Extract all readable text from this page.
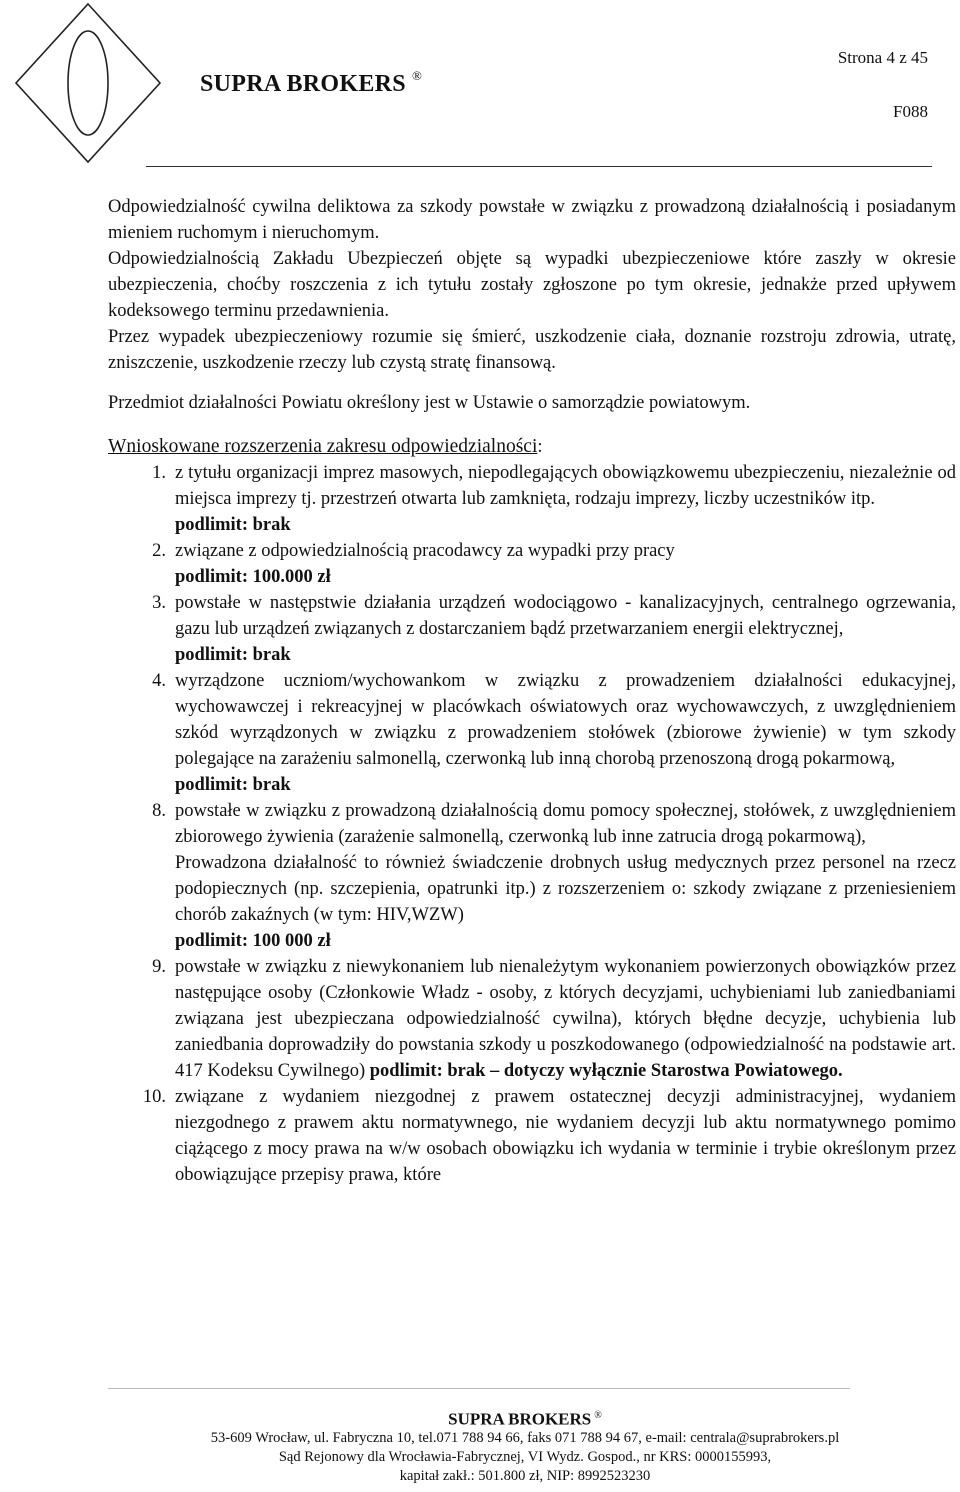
SUPRA BROKERS ®
Strona 4 z 45
F088

Odpowiedzialność cywilna deliktowa za szkody powstałe w związku z prowadzoną działalnością i posiadanym mieniem ruchomym i nieruchomym.

Odpowiedzialnością Zakładu Ubezpieczeń objęte są wypadki ubezpieczeniowe które zaszły w okresie ubezpieczenia, choćby roszczenia z ich tytułu zostały zgłoszone po tym okresie, jednakże przed upływem kodeksowego terminu przedawnienia.

Przez wypadek ubezpieczeniowy rozumie się śmierć, uszkodzenie ciała, doznanie rozstroju zdrowia, utratę, zniszczenie, uszkodzenie rzeczy lub czystą stratę finansową.

Przedmiot działalności Powiatu określony jest w Ustawie o samorządzie powiatowym.

Wnioskowane rozszerzenia zakresu odpowiedzialności:

1. z tytułu organizacji imprez masowych, niepodlegających obowiązkowemu ubezpieczeniu, niezależnie od miejsca imprezy tj. przestrzeń otwarta lub zamknięta, rodzaju imprezy, liczby uczestników itp.

podlimit: brak
2. związane z odpowiedzialnością pracodawcy za wypadki przy pracy

podlimit: 100.000 zł
3. powstałe w następstwie działania urządzeń wodociągowo - kanalizacyjnych, centralnego ogrzewania, gazu lub urządzeń związanych z dostarczaniem bądź przetwarzaniem energii elektrycznej,

podlimit: brak
4. wyrządzone uczniom/wychowankom w związku z prowadzeniem działalności edukacyjnej, wychowawczej i rekreacyjnej w placówkach oświatowych oraz wychowawczych, z uwzględnieniem szkód wyrządzonych w związku z prowadzeniem stołówek (zbiorowe żywienie) w tym szkody polegające na zarażeniu salmonellą, czerwonką lub inną chorobą przenoszoną drogą pokarmową,

podlimit: brak
8. powstałe w związku z prowadzoną działalnością domu pomocy społecznej, stołówek, z uwzględnieniem zbiorowego żywienia (zarażenie salmonellą, czerwonką lub inne zatrucia drogą pokarmową),

Prowadzona działalność to również świadczenie drobnych usług medycznych przez personel na rzecz podopiecznych (np. szczepienia, opatrunki itp.) z rozszerzeniem o: szkody związane z przeniesieniem chorób zakaźnych (w tym: HIV,WZW)

podlimit: 100 000 zł
9. powstałe w związku z niewykonaniem lub nienależytym wykonaniem powierzonych obowiązków przez następujące osoby (Członkowie Władz - osoby, z których decyzjami, uchybieniami lub zaniedbaniami związana jest ubezpieczana odpowiedzialność cywilna), których błędne decyzje, uchybienia lub zaniedbania doprowadziły do powstania szkody u poszkodowanego (odpowiedzialność na podstawie art. 417 Kodeksu Cywilnego) podlimit: brak – dotyczy wyłącznie Starostwa Powiatowego.

10. związane z wydaniem niezgodnej z prawem ostatecznej decyzji administracyjnej, wydaniem niezgodnego z prawem aktu normatywnego, nie wydaniem decyzji lub aktu normatywnego pomimo ciążącego z mocy prawa na w/w osobach obowiązku ich wydania w terminie i trybie określonym przez obowiązujące przepisy prawa, które

SUPRA BROKERS ®
53-609 Wrocław, ul. Fabryczna 10, tel.071 788 94 66, faks 071 788 94 67, e-mail: centrala@suprabrokers.pl
Sąd Rejonowy dla Wrocławia-Fabrycznej, VI Wydz. Gospod., nr KRS: 0000155993,
kapitał zakł.: 501.800 zł, NIP: 8992523230
